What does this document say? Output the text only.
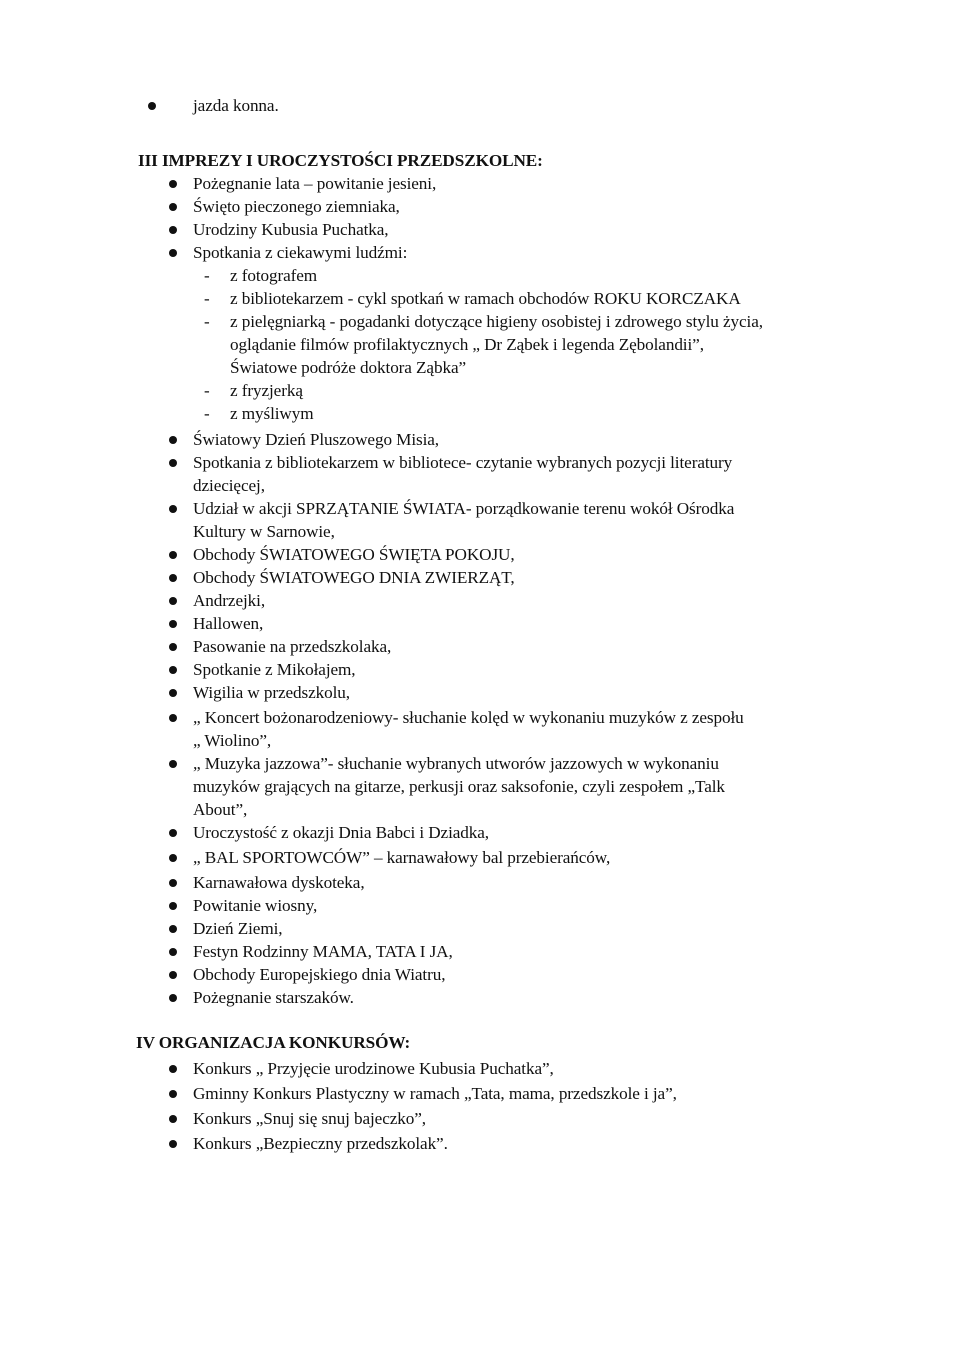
jazda konna.
III IMPREZY I UROCZYSTOŚCI PRZEDSZKOLNE:
Pożegnanie lata – powitanie jesieni,
Święto pieczonego ziemniaka,
Urodziny Kubusia Puchatka,
Spotkania z ciekawymi ludźmi:
- z fotografem
- z bibliotekarzem - cykl spotkań w ramach obchodów ROKU KORCZAKA
- z pielęgniarką - pogadanki dotyczące higieny osobistej i zdrowego stylu życia,
oglądanie filmów profilaktycznych „ Dr Ząbek i legenda Zębolandii”,
Światowe podróże doktora Ząbka”
- z fryzjerką
- z myśliwym
Światowy Dzień Pluszowego Misia,
Spotkania z bibliotekarzem w bibliotece- czytanie wybranych pozycji literatury
dziecięcej,
Udział w akcji SPRZĄTANIE ŚWIATA- porządkowanie terenu wokół Ośrodka
Kultury w Sarnowie,
Obchody ŚWIATOWEGO ŚWIĘTA POKOJU,
Obchody ŚWIATOWEGO DNIA ZWIERZĄT,
Andrzejki,
Hallowen,
Pasowanie na przedszkolaka,
Spotkanie z Mikołajem,
Wigilia w przedszkolu,
„ Koncert bożonarodzeniowy- słuchanie kolęd w wykonaniu muzyków z zespołu
„ Wiolino”,
„ Muzyka jazzowa”- słuchanie wybranych utworów jazzowych w wykonaniu
muzyków grających na gitarze, perkusji oraz saksofonie, czyli zespołem „Talk
About”,
Uroczystość z okazji Dnia Babci i Dziadka,
„ BAL SPORTOWCÓW” – karnawałowy bal przebierańców,
Karnawałowa dyskoteka,
Powitanie wiosny,
Dzień Ziemi,
Festyn Rodzinny MAMA, TATA I JA,
Obchody Europejskiego dnia Wiatru,
Pożegnanie starszaków.
IV ORGANIZACJA KONKURSÓW:
Konkurs „ Przyjęcie urodzinowe Kubusia Puchatka”,
Gminny Konkurs Plastyczny w ramach „Tata, mama, przedszkole i ja”,
Konkurs „Snuj się snuj bajeczko”,
Konkurs „Bezpieczny przedszkolak”.
